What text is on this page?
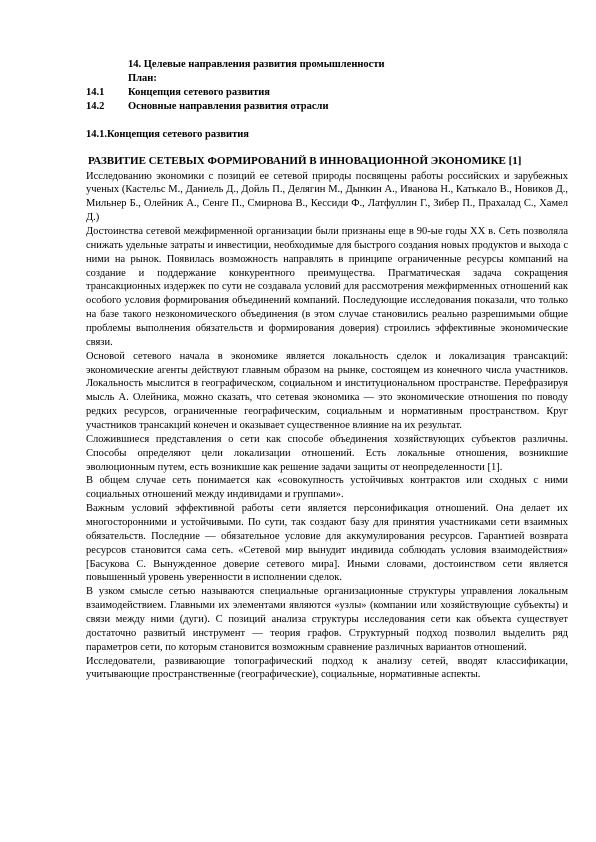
14. Целевые направления развития промышленности
План:
14.1 Концепция сетевого развития
14.2 Основные направления развития отрасли
14.1.Концепция сетевого развития
РАЗВИТИЕ СЕТЕВЫХ ФОРМИРОВАНИЙ В ИННОВАЦИОННОЙ ЭКОНОМИКЕ [1]

Исследованию экономики с позиций ее сетевой природы посвящены работы российских и зарубежных ученых (Кастельс М., Даниель Д., Дойль П., Делягин М., Дынкин А., Иванова Н., Катькало В., Новиков Д., Мильнер Б., Олейник А., Сенге П., Смирнова В., Кессиди Ф., Латфуллин Г., Зибер П., Прахалад С., Хамел Д.)

Достоинства сетевой межфирменной организации были признаны еще в 90-ые годы XX в. Сеть позволяла снижать удельные затраты и инвестиции, необходимые для быстрого создания новых продуктов и выхода с ними на рынок. Появилась возможность направлять в принципе ограниченные ресурсы компаний на создание и поддержание конкурентного преимущества. Прагматическая задача сокращения трансакционных издержек по сути не создавала условий для рассмотрения межфирменных отношений как особого условия формирования объединений компаний. Последующие исследования показали, что только на базе такого незкономического объединения (в этом случае становились реально разрешимыми общие проблемы выполнения обязательств и формирования доверия) строились эффективные экономические связи.

Основой сетевого начала в экономике является локальность сделок и локализация трансакций: экономические агенты действуют главным образом на рынке, состоящем из конечного числа участников. Локальность мыслится в географическом, социальном и институциональном пространстве. Перефразируя мысль А. Олейника, можно сказать, что сетевая экономика — это экономические отношения по поводу редких ресурсов, ограниченные географическим, социальным и нормативным пространством. Круг участников трансакций конечен и оказывает существенное влияние на их результат.

Сложившиеся представления о сети как способе объединения хозяйствующих субъектов различны. Способы определяют цели локализации отношений. Есть локальные отношения, возникшие эволюционным путем, есть возникшие как решение задачи защиты от неопределенности [1].

В общем случае сеть понимается как «совокупность устойчивых контрактов или сходных с ними социальных отношений между индивидами и группами».

Важным условий эффективной работы сети является персонификация отношений. Она делает их многосторонними и устойчивыми. По сути, так создают базу для принятия участниками сети взаимных обязательств. Последние — обязательное условие для аккумулирования ресурсов. Гарантией возврата ресурсов становится сама сеть. «Сетевой мир вынудит индивида соблюдать условия взаимодействия» [Басукова С. Вынужденное доверие сетевого мира]. Иными словами, достоинством сети является повышенный уровень уверенности в исполнении сделок.

В узком смысле сетью называются специальные организационные структуры управления локальным взаимодействием. Главными их элементами являются «узлы» (компании или хозяйствующие субъекты) и связи между ними (дуги). С позиций анализа структуры исследования сети как объекта существует достаточно развитый инструмент — теория графов. Структурный подход позволил выделить ряд параметров сети, по которым становится возможным сравнение различных вариантов отношений.

Исследователи, развивающие топографический подход к анализу сетей, вводят классификации, учитывающие пространственные (географические), социальные, нормативные аспекты.
